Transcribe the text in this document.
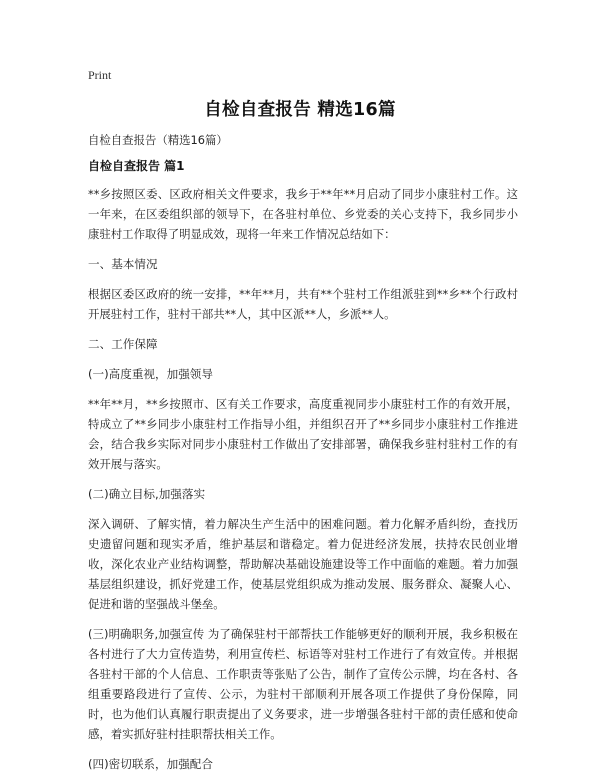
Print
自检自查报告 精选16篇
自检自查报告（精选16篇）
自检自查报告 篇1
**乡按照区委、区政府相关文件要求，我乡于**年**月启动了同步小康驻村工作。这一年来，在区委组织部的领导下，在各驻村单位、乡党委的关心支持下，我乡同步小康驻村工作取得了明显成效，现将一年来工作情况总结如下：
一、基本情况
根据区委区政府的统一安排，**年**月，共有**个驻村工作组派驻到**乡**个行政村开展驻村工作，驻村干部共**人，其中区派**人，乡派**人。
二、工作保障
(一)高度重视，加强领导
**年**月，**乡按照市、区有关工作要求，高度重视同步小康驻村工作的有效开展，特成立了**乡同步小康驻村工作指导小组，并组织召开了**乡同步小康驻村工作推进会，结合我乡实际对同步小康驻村工作做出了安排部署，确保我乡驻村驻村工作的有效开展与落实。
(二)确立目标,加强落实
深入调研、了解实情，着力解决生产生活中的困难问题。着力化解矛盾纠纷，查找历史遗留问题和现实矛盾，维护基层和谐稳定。着力促进经济发展，扶持农民创业增收，深化农业产业结构调整，帮助解决基础设施建设等工作中面临的难题。着力加强基层组织建设，抓好党建工作，使基层党组织成为推动发展、服务群众、凝聚人心、促进和谐的坚强战斗堡垒。
(三)明确职务,加强宣传 为了确保驻村干部帮扶工作能够更好的顺利开展，我乡积极在各村进行了大力宣传造势，利用宣传栏、标语等对驻村工作进行了有效宣传。并根据各驻村干部的个人信息、工作职责等张贴了公告，制作了宣传公示牌，均在各村、各组重要路段进行了宣传、公示，为驻村干部顺利开展各项工作提供了身份保障，同时，也为他们认真履行职责提出了义务要求，进一步增强各驻村干部的责任感和使命感，着实抓好驻村挂职帮扶相关工作。
(四)密切联系，加强配合
